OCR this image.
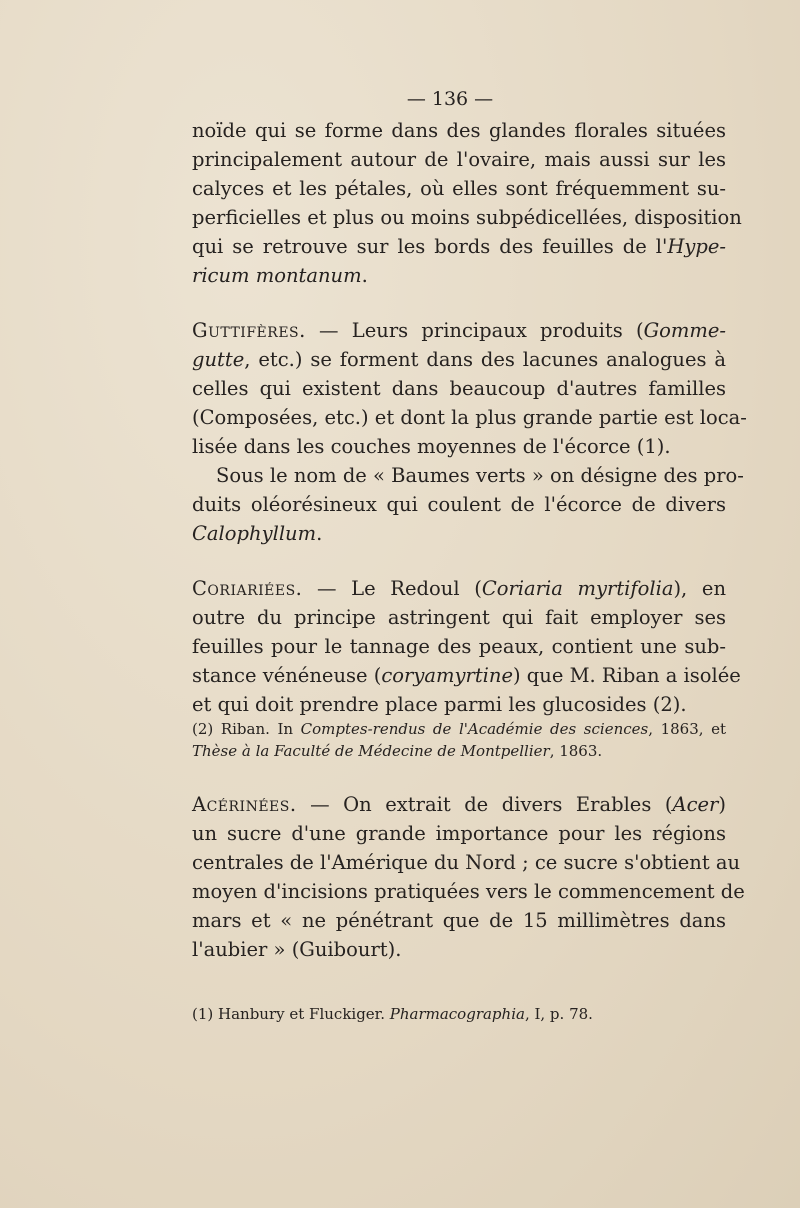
— 136 —
noïde qui se forme dans des glandes florales situées
principalement autour de l'ovaire, mais aussi sur les
calyces et les pétales, où elles sont fréquemment su-
perficielles et plus ou moins subpédicellées, disposition
qui se retrouve sur les bords des feuilles de l'Hype-
ricum montanum.
Guttifères. — Leurs principaux produits (Gomme-
gutte, etc.) se forment dans des lacunes analogues à
celles qui existent dans beaucoup d'autres familles
(Composées, etc.) et dont la plus grande partie est loca-
lisée dans les couches moyennes de l'écorce (1).
Sous le nom de « Baumes verts » on désigne des pro-
duits oléorésineux qui coulent de l'écorce de divers
Calophyllum.
Coriariées. — Le Redoul (Coriaria myrtifolia), en
outre du principe astringent qui fait employer ses
feuilles pour le tannage des peaux, contient une sub-
stance vénéneuse (coryamyrtine) que M. Riban a isolée
et qui doit prendre place parmi les glucosides (2).
(2) Riban. In Comptes-rendus de l'Académie des sciences, 1863, et
Thèse à la Faculté de Médecine de Montpellier, 1863.
Acérinées. — On extrait de divers Erables (Acer)
un sucre d'une grande importance pour les régions
centrales de l'Amérique du Nord ; ce sucre s'obtient au
moyen d'incisions pratiquées vers le commencement de
mars et « ne pénétrant que de 15 millimètres dans
l'aubier » (Guibourt).
(1) Hanbury et Fluckiger. Pharmacographia, I, p. 78.
